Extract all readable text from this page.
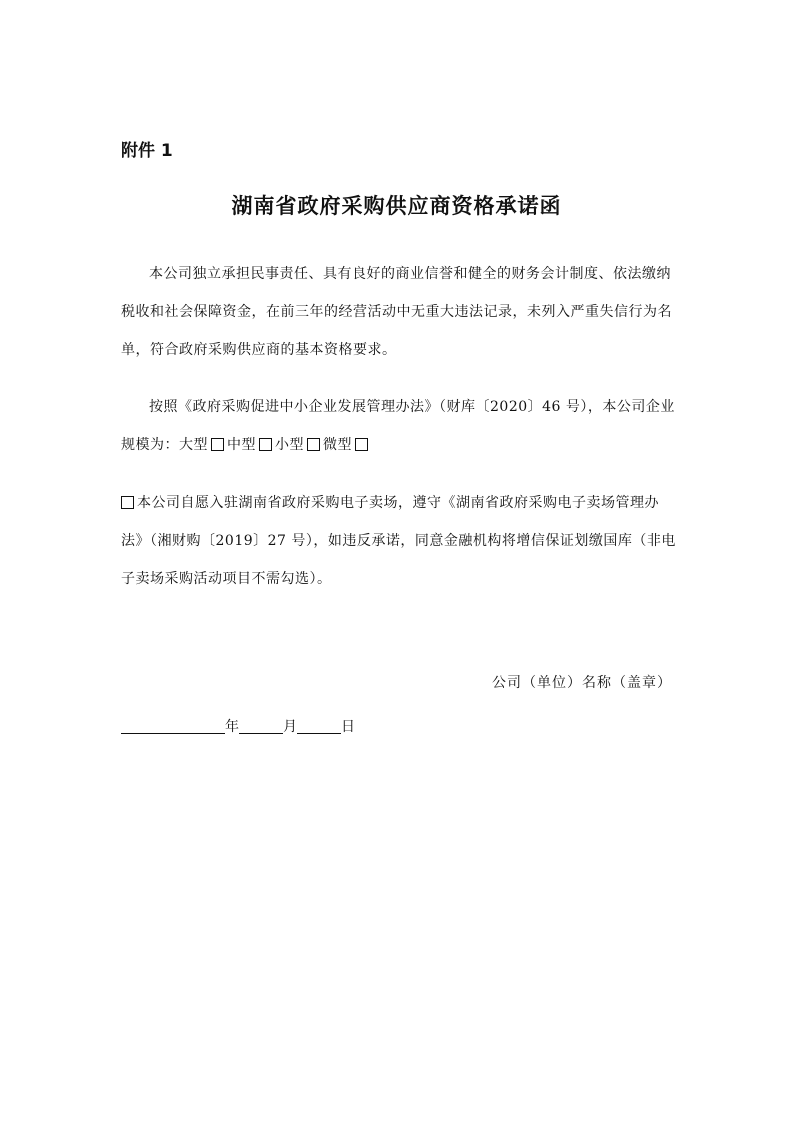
附件 1
湖南省政府采购供应商资格承诺函

本公司独立承担民事责任、具有良好的商业信誉和健全的财务会计制度、依法缴纳税收和社会保障资金，在前三年的经营活动中无重大违法记录，未列入严重失信行为名单，符合政府采购供应商的基本资格要求。

按照《政府采购促进中小企业发展管理办法》（财库〔2020〕46 号），本公司企业规模为：大型 中型 小型 微型

本公司自愿入驻湖南省政府采购电子卖场，遵守《湖南省政府采购电子卖场管理办法》（湘财购〔2019〕27 号），如违反承诺，同意金融机构将增信保证划缴国库（非电子卖场采购活动项目不需勾选）。

公司（单位）名称（盖章）
年	月	日
